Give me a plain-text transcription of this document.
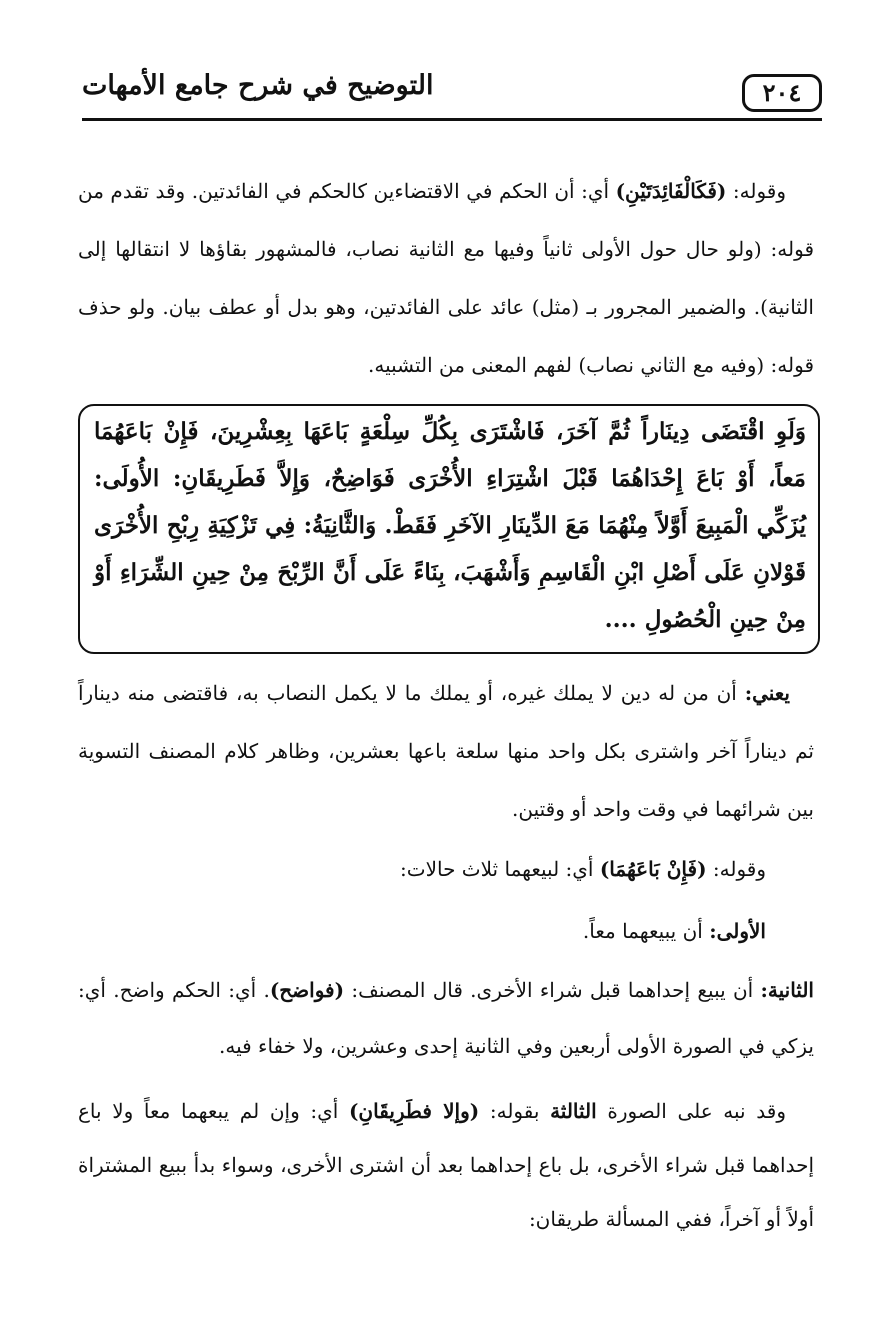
٢٠٤
التوضيح في شرح جامع الأمهات
وقوله: (فَكَالْفَائِدَتَيْنِ) أي: أن الحكم في الاقتضاءين كالحكم في الفائدتين. وقد تقدم من قوله: (ولو حال حول الأولى ثانياً وفيها مع الثانية نصاب، فالمشهور بقاؤها لا انتقالها إلى الثانية). والضمير المجرور بـ (مثل) عائد على الفائدتين، وهو بدل أو عطف بيان. ولو حذف قوله: (وفيه مع الثاني نصاب) لفهم المعنى من التشبيه.
وَلَوِ اقْتَضَى دِينَاراً ثُمَّ آخَرَ، فَاشْتَرَى بِكُلِّ سِلْعَةٍ بَاعَهَا بِعِشْرِينَ، فَإِنْ بَاعَهُمَا مَعاً، أَوْ بَاعَ إِحْدَاهُمَا قَبْلَ اشْتِرَاءِ الأُخْرَى فَوَاضِحٌ، وَإِلاَّ فَطَرِيقَانِ: الأُولَى: يُزَكِّي الْمَبِيعَ أَوَّلاً مِنْهُمَا مَعَ الدِّينَارِ الآخَرِ فَقَطْ. وَالثَّانِيَةُ: فِي تَزْكِيَةِ رِبْحِ الأُخْرَى قَوْلانِ عَلَى أَصْلِ ابْنِ الْقَاسِمِ وَأَشْهَبَ، بِنَاءً عَلَى أَنَّ الرِّبْحَ مِنْ حِينِ الشِّرَاءِ أَوْ مِنْ حِينِ الْحُصُولِ ....
يعني: أن من له دين لا يملك غيره، أو يملك ما لا يكمل النصاب به، فاقتضى منه ديناراً ثم ديناراً آخر واشترى بكل واحد منها سلعة باعها بعشرين، وظاهر كلام المصنف التسوية بين شرائهما في وقت واحد أو وقتين.
وقوله: (فَإِنْ بَاعَهُمَا) أي: لبيعهما ثلاث حالات:
الأولى: أن يبيعهما معاً.
الثانية: أن يبيع إحداهما قبل شراء الأخرى. قال المصنف: (فواضح). أي: الحكم واضح. أي: يزكي في الصورة الأولى أربعين وفي الثانية إحدى وعشرين، ولا خفاء فيه.
وقد نبه على الصورة الثالثة بقوله: (وإلا فطَرِيقَانِ) أي: وإن لم يبعهما معاً ولا باع إحداهما قبل شراء الأخرى، بل باع إحداهما بعد أن اشترى الأخرى، وسواء بدأ ببيع المشتراة أولاً أو آخراً، ففي المسألة طريقان:
